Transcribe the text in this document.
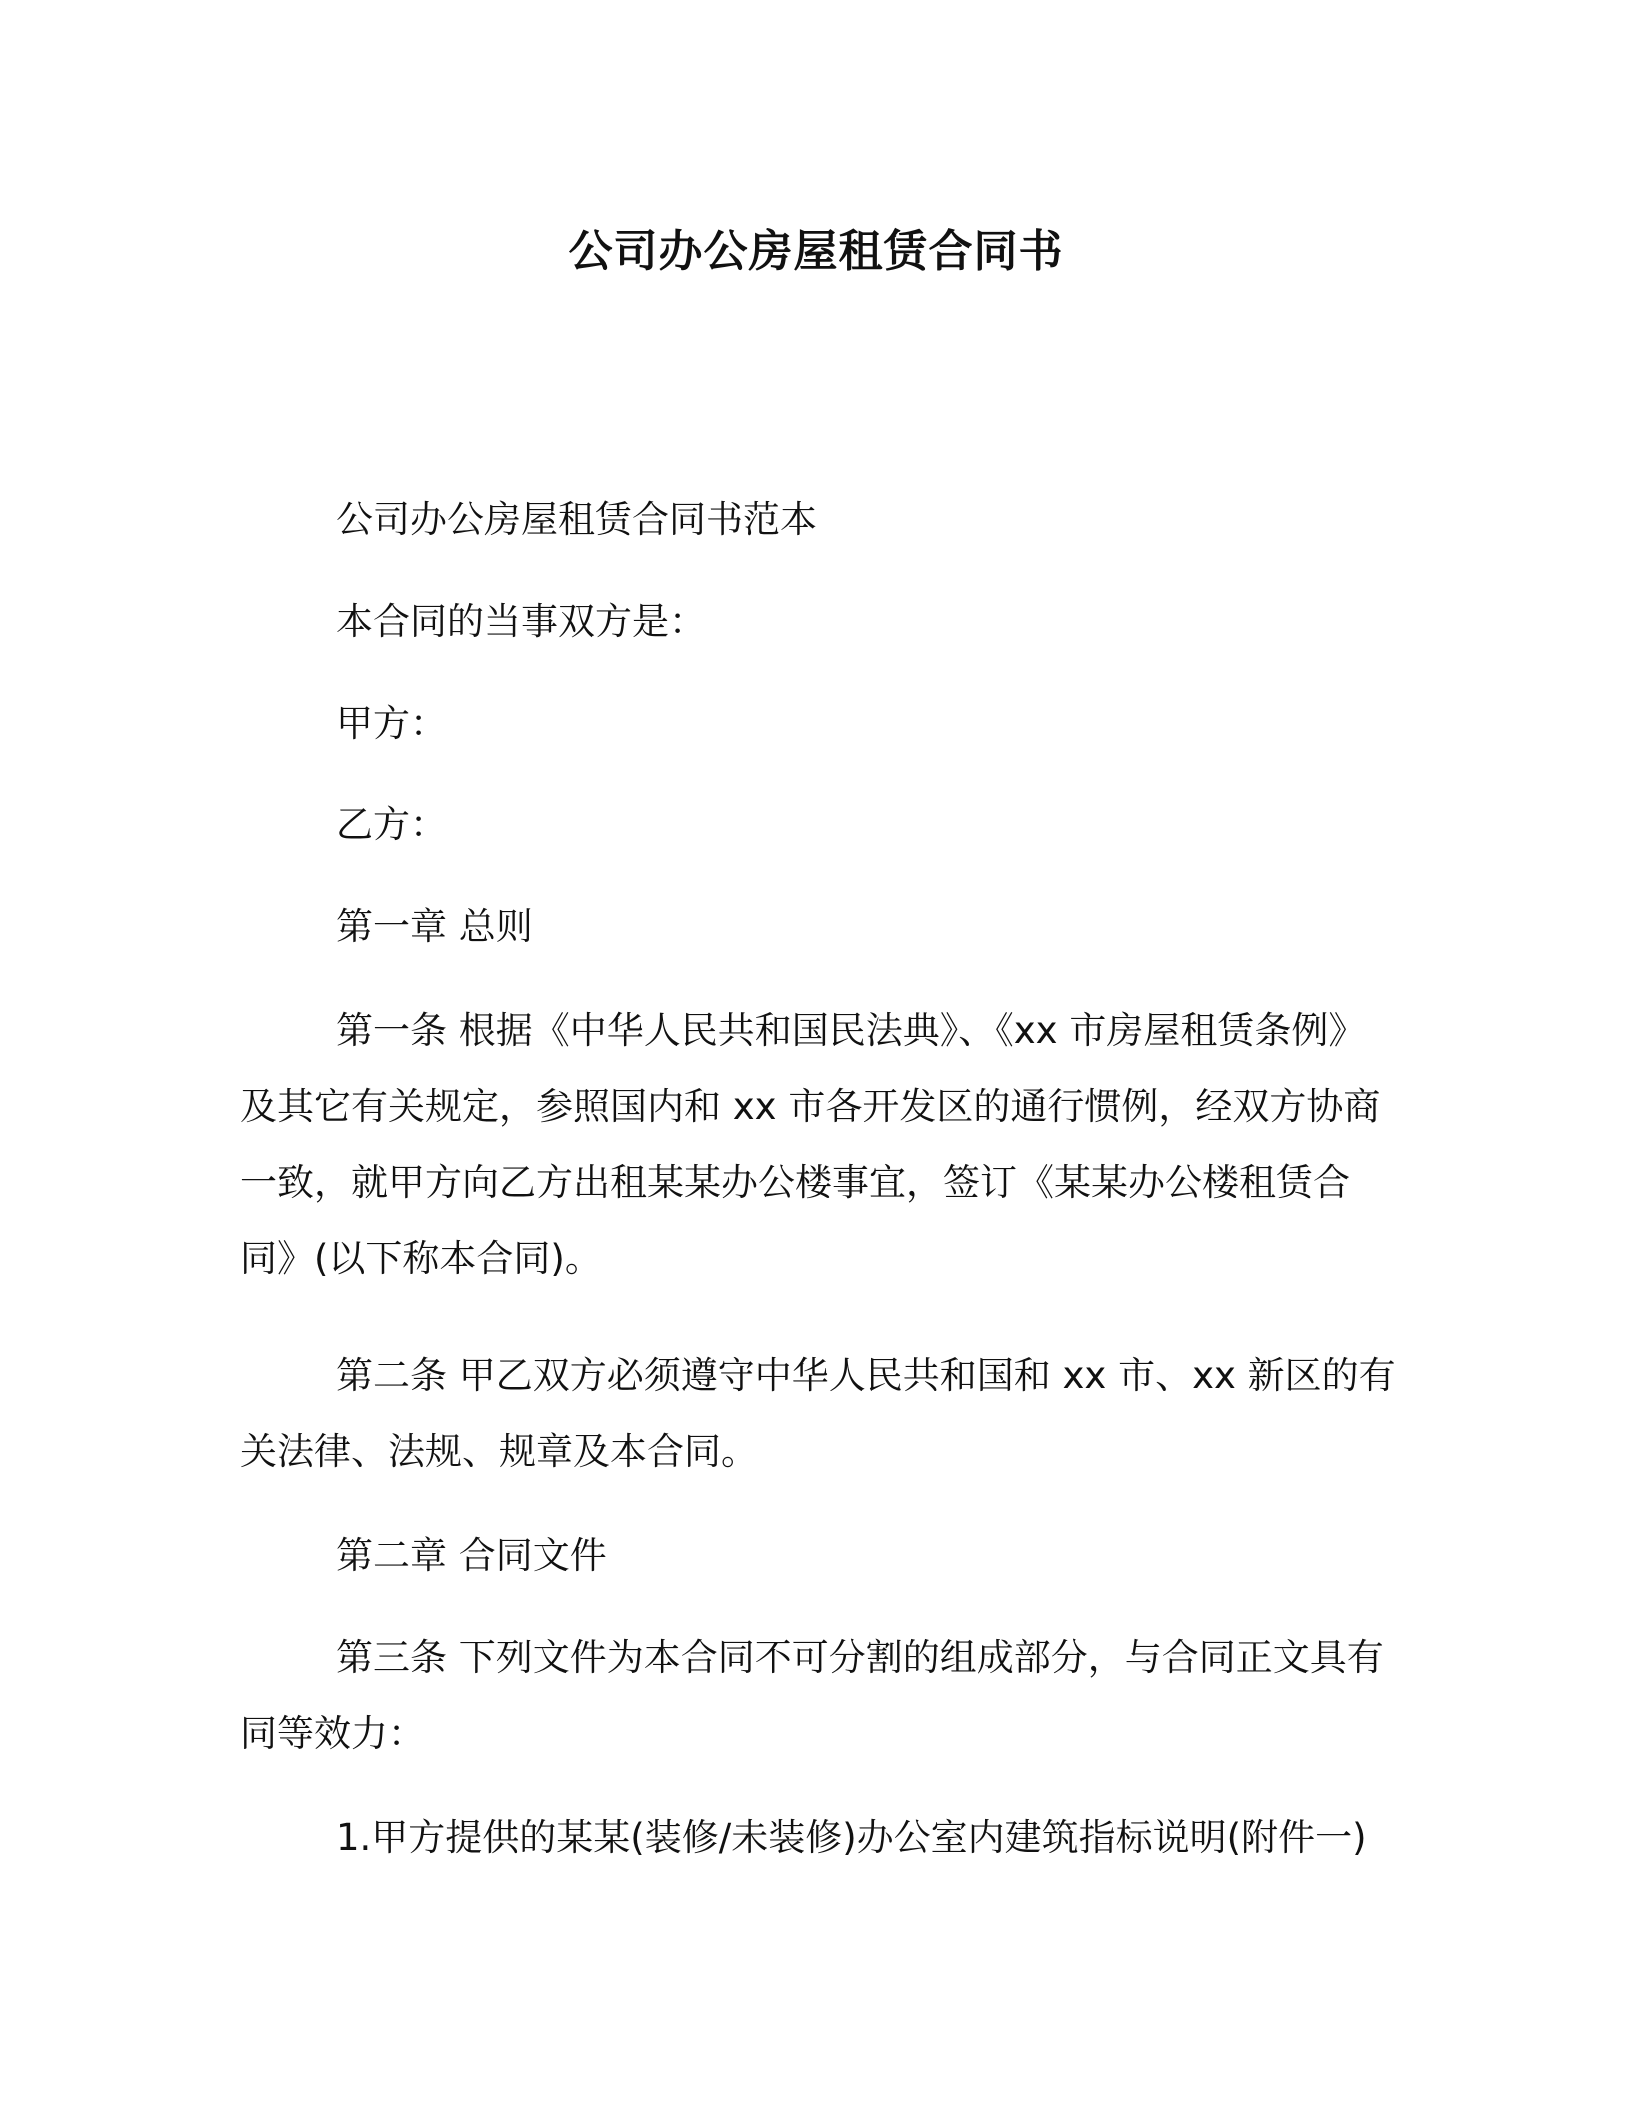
公司办公房屋租赁合同书

公司办公房屋租赁合同书范本

本合同的当事双方是：

甲方：

乙方：

第一章 总则

第一条 根据《中华人民共和国民法典》、《xx 市房屋租赁条例》
及其它有关规定，参照国内和 xx 市各开发区的通行惯例，经双方协商
一致，就甲方向乙方出租某某办公楼事宜，签订《某某办公楼租赁合
同》(以下称本合同)。
第二条 甲乙双方必须遵守中华人民共和国和 xx 市、xx 新区的有
关法律、法规、规章及本合同。

第二章 合同文件

第三条 下列文件为本合同不可分割的组成部分，与合同正文具有
同等效力：

1.甲方提供的某某(装修/未装修)办公室内建筑指标说明(附件一)
